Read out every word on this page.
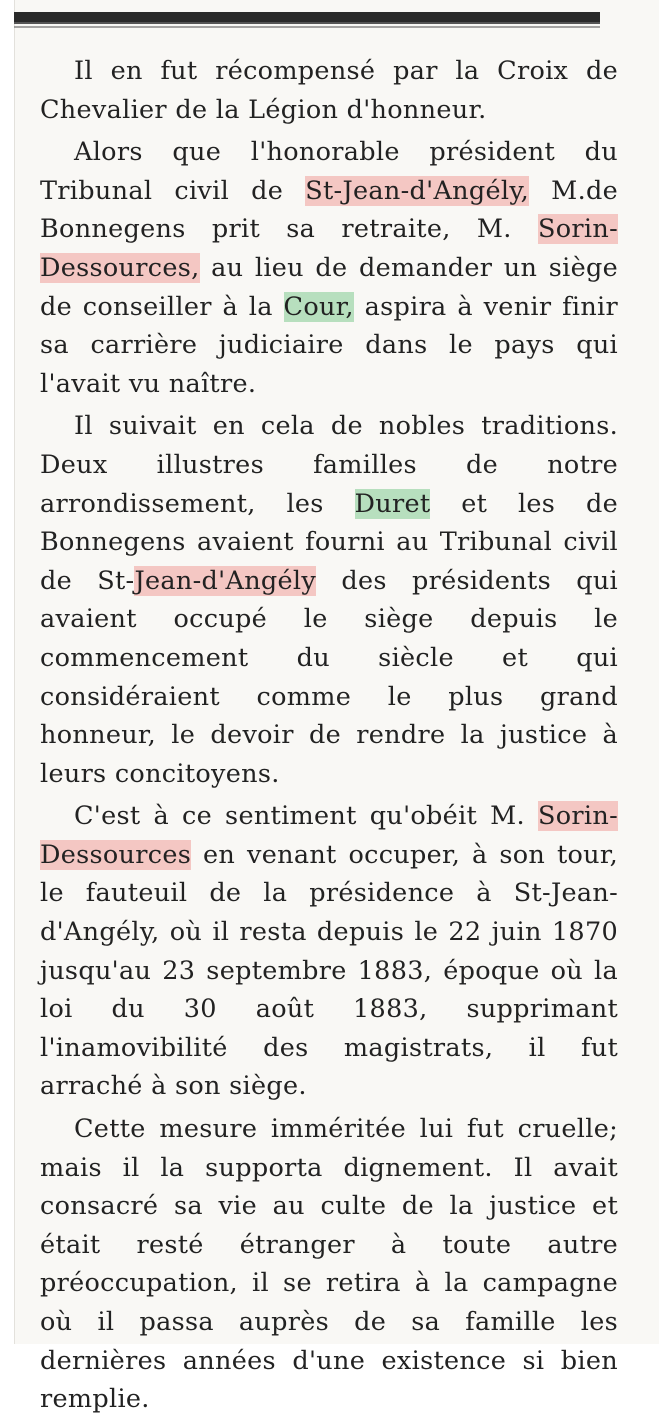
Il en fut récompensé par la Croix de Chevalier de la Légion d'honneur.

Alors que l'honorable président du Tribunal civil de St-Jean-d'Angély, M.de Bonnegens prit sa retraite, M. Sorin-Dessources, au lieu de demander un siège de conseiller à la Cour, aspira à venir finir sa carrière judiciaire dans le pays qui l'avait vu naître.

Il suivait en cela de nobles traditions. Deux illustres familles de notre arrondissement, les Duret et les de Bonnegens avaient fourni au Tribunal civil de St-Jean-d'Angély des présidents qui avaient occupé le siège depuis le commencement du siècle et qui considéraient comme le plus grand honneur, le devoir de rendre la justice à leurs concitoyens.

C'est à ce sentiment qu'obéit M. Sorin-Dessources en venant occuper, à son tour, le fauteuil de la présidence à St-Jean-d'Angély, où il resta depuis le 22 juin 1870 jusqu'au 23 septembre 1883, époque où la loi du 30 août 1883, supprimant l'inamovibilité des magistrats, il fut arraché à son siège.

Cette mesure imméritée lui fut cruelle; mais il la supporta dignement. Il avait consacré sa vie au culte de la justice et était resté étranger à toute autre préoccupation, il se retira à la campagne où il passa auprès de sa famille les dernières années d'une existence si bien remplie.
